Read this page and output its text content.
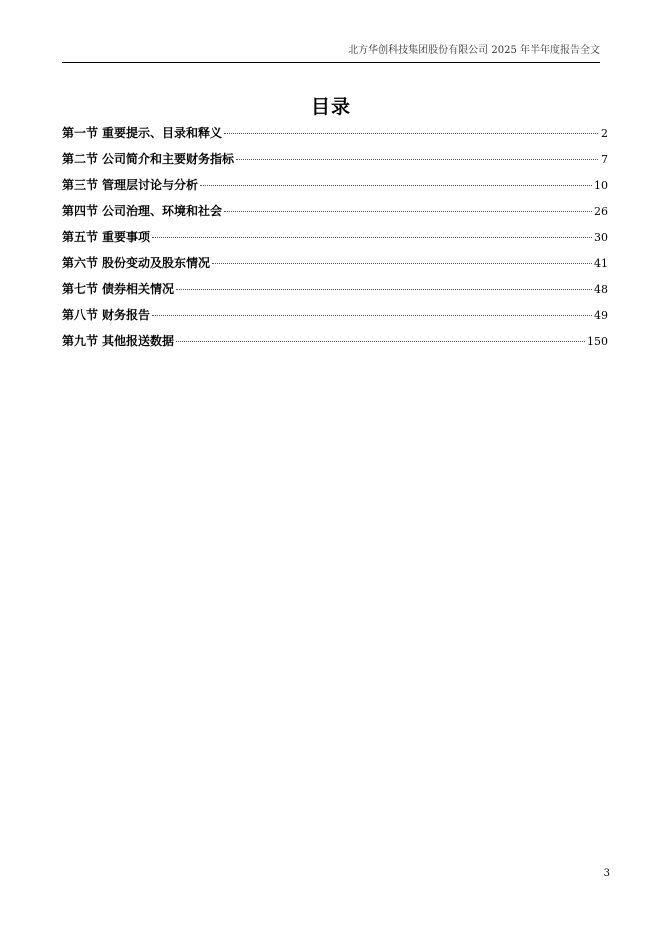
北方华创科技集团股份有限公司 2025 年半年度报告全文
目录
第一节 重要提示、目录和释义	2
第二节 公司简介和主要财务指标	7
第三节 管理层讨论与分析	10
第四节 公司治理、环境和社会	26
第五节 重要事项	30
第六节 股份变动及股东情况	41
第七节 债券相关情况	48
第八节 财务报告	49
第九节 其他报送数据	150
3
